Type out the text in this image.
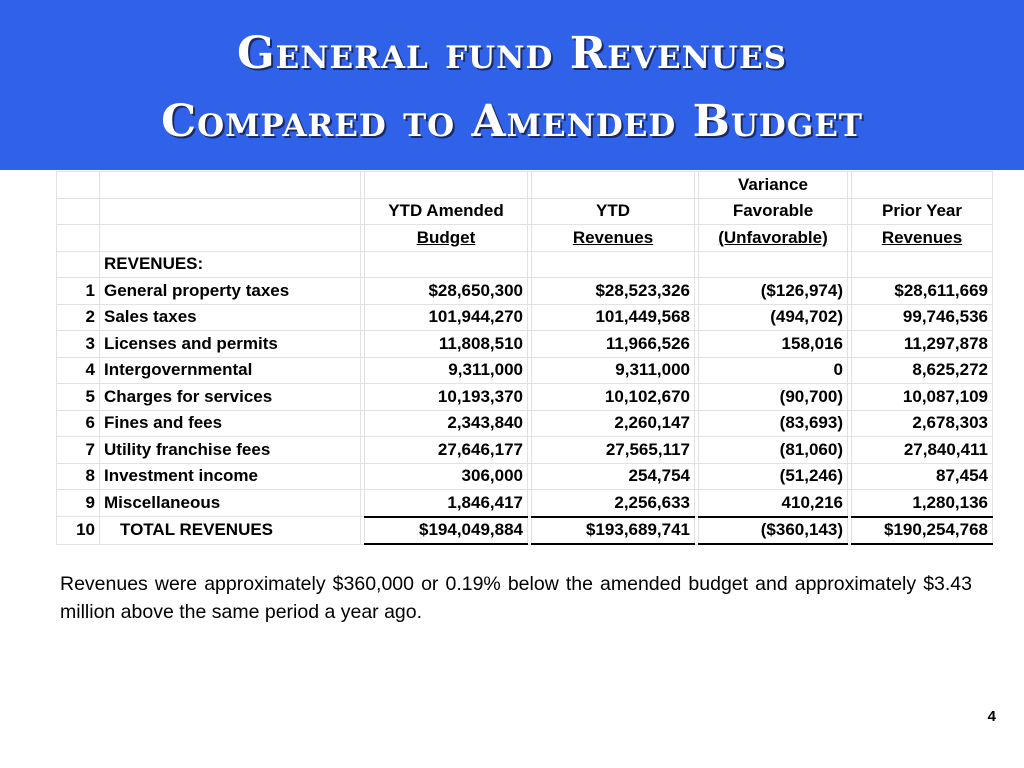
General fund Revenues
Compared to Amended Budget
							Variance		
			YTD Amended		YTD		Favorable		Prior Year
			Budget		Revenues		(Unfavorable)		Revenues
	REVENUES:								
1	General property taxes		$28,650,300		$28,523,326		($126,974)		$28,611,669
2	Sales taxes		101,944,270		101,449,568		(494,702)		99,746,536
3	Licenses and permits		11,808,510		11,966,526		158,016		11,297,878
4	Intergovernmental		9,311,000		9,311,000		0		8,625,272
5	Charges for services		10,193,370		10,102,670		(90,700)		10,087,109
6	Fines and fees		2,343,840		2,260,147		(83,693)		2,678,303
7	Utility franchise fees		27,646,177		27,565,117		(81,060)		27,840,411
8	Investment income		306,000		254,754		(51,246)		87,454
9	Miscellaneous		1,846,417		2,256,633		410,216		1,280,136
10	TOTAL REVENUES		$194,049,884		$193,689,741		($360,143)		$190,254,768
Revenues were approximately $360,000 or 0.19% below the amended budget and approximately $3.43 million above the same period a year ago.
4
